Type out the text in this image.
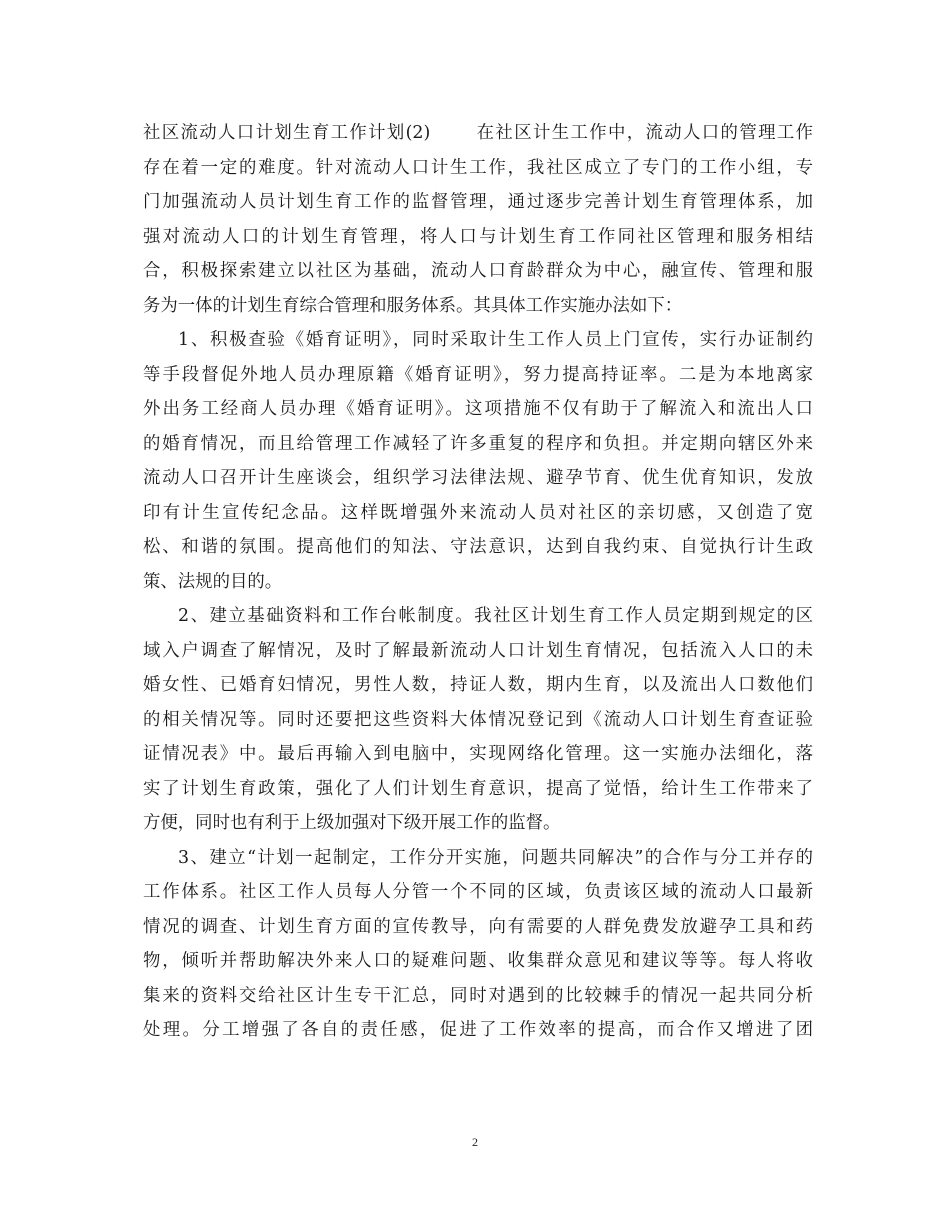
社区流动人口计划生育工作计划(2)	在社区计生工作中，流动人口的管理工作
存在着一定的难度。针对流动人口计生工作，我社区成立了专门的工作小组，专
门加强流动人员计划生育工作的监督管理，通过逐步完善计划生育管理体系，加
强对流动人口的计划生育管理，将人口与计划生育工作同社区管理和服务相结
合，积极探索建立以社区为基础，流动人口育龄群众为中心，融宣传、管理和服
务为一体的计划生育综合管理和服务体系。其具体工作实施办法如下：
1、积极查验《婚育证明》，同时采取计生工作人员上门宣传，实行办证制约
等手段督促外地人员办理原籍《婚育证明》，努力提高持证率。二是为本地离家
外出务工经商人员办理《婚育证明》。这项措施不仅有助于了解流入和流出人口
的婚育情况，而且给管理工作减轻了许多重复的程序和负担。并定期向辖区外来
流动人口召开计生座谈会，组织学习法律法规、避孕节育、优生优育知识，发放
印有计生宣传纪念品。这样既增强外来流动人员对社区的亲切感，又创造了宽
松、和谐的氛围。提高他们的知法、守法意识，达到自我约束、自觉执行计生政
策、法规的目的。
2、建立基础资料和工作台帐制度。我社区计划生育工作人员定期到规定的区
域入户调查了解情况，及时了解最新流动人口计划生育情况，包括流入人口的未
婚女性、已婚育妇情况，男性人数，持证人数，期内生育，以及流出人口数他们
的相关情况等。同时还要把这些资料大体情况登记到《流动人口计划生育查证验
证情况表》中。最后再输入到电脑中，实现网络化管理。这一实施办法细化，落
实了计划生育政策，强化了人们计划生育意识，提高了觉悟，给计生工作带来了
方便，同时也有利于上级加强对下级开展工作的监督。
3、建立“计划一起制定，工作分开实施，问题共同解决”的合作与分工并存的
工作体系。社区工作人员每人分管一个不同的区域，负责该区域的流动人口最新
情况的调查、计划生育方面的宣传教导，向有需要的人群免费发放避孕工具和药
物，倾听并帮助解决外来人口的疑难问题、收集群众意见和建议等等。每人将收
集来的资料交给社区计生专干汇总，同时对遇到的比较棘手的情况一起共同分析
处理。分工增强了各自的责任感，促进了工作效率的提高，而合作又增进了团
2
